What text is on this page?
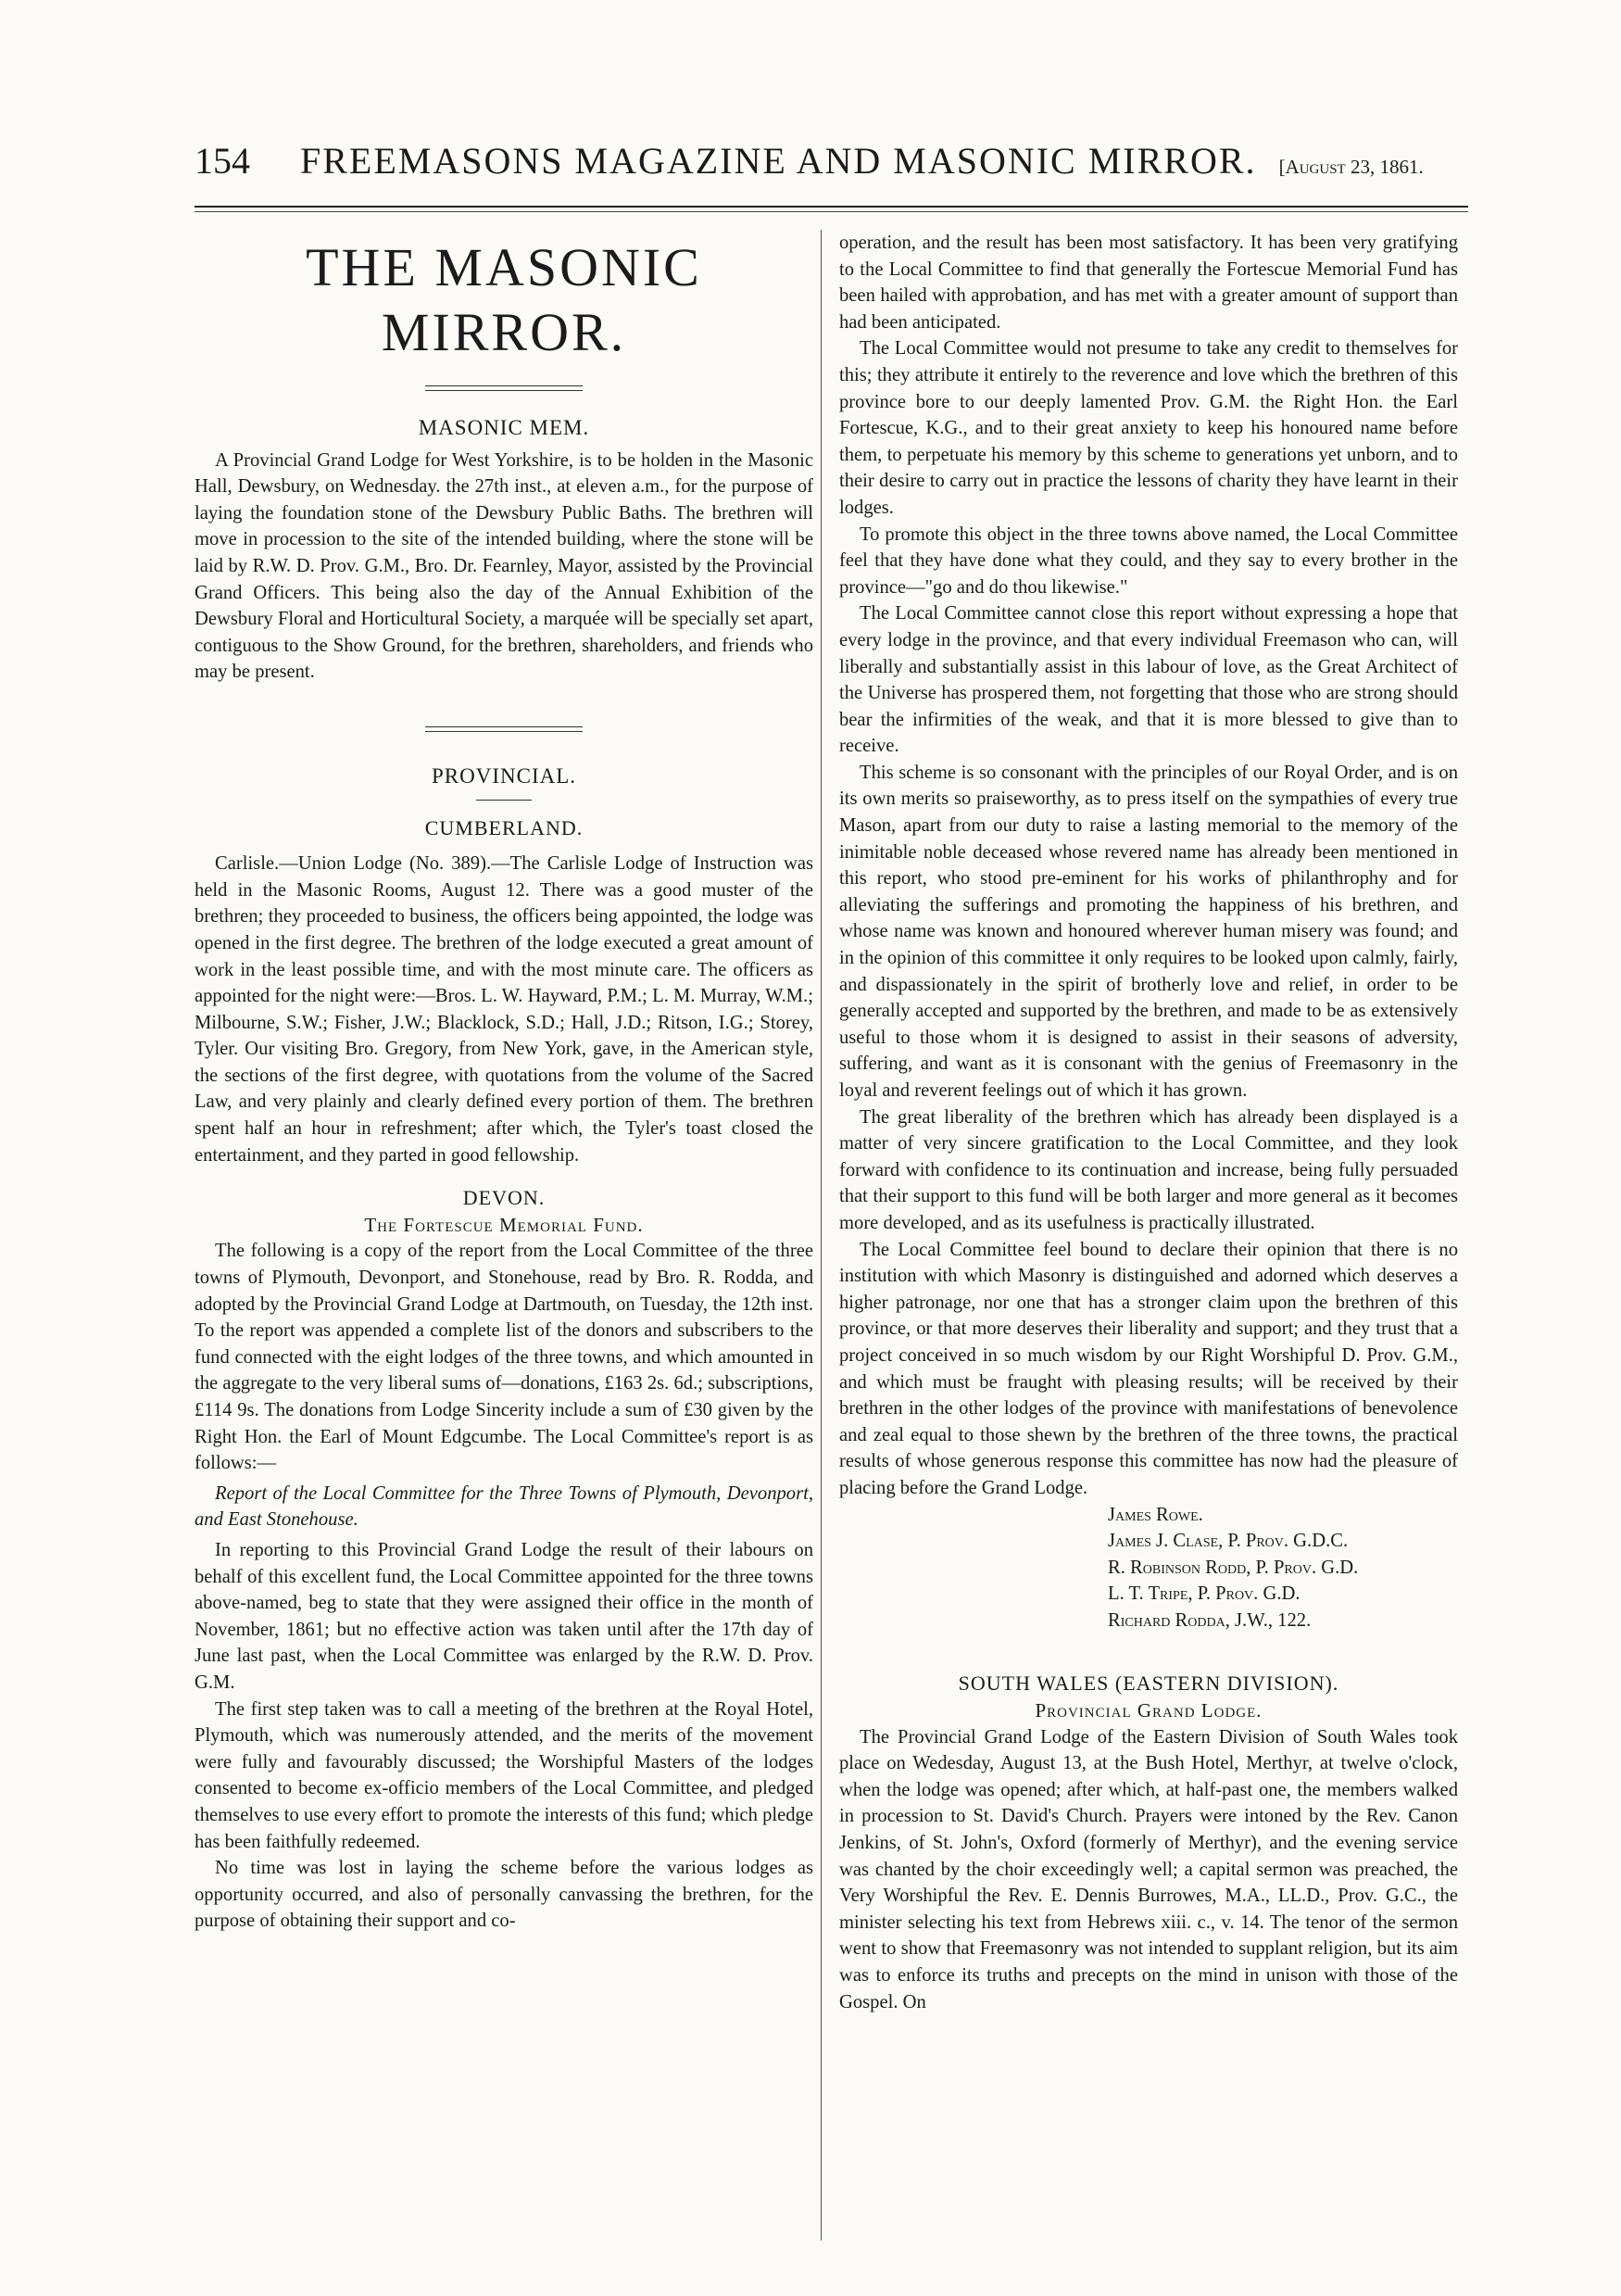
154 FREEMASONS MAGAZINE AND MASONIC MIRROR. [August 23, 1861.
THE MASONIC MIRROR.
MASONIC MEM.

A Provincial Grand Lodge for West Yorkshire, is to be holden in the Masonic Hall, Dewsbury, on Wednesday. the 27th inst., at eleven a.m., for the purpose of laying the foundation stone of the Dewsbury Public Baths. The brethren will move in procession to the site of the intended building, where the stone will be laid by R.W. D. Prov. G.M., Bro. Dr. Fearnley, Mayor, assisted by the Provincial Grand Officers. This being also the day of the Annual Exhibition of the Dewsbury Floral and Horticultural Society, a marquée will be specially set apart, contiguous to the Show Ground, for the brethren, shareholders, and friends who may be present.

PROVINCIAL.
CUMBERLAND.

Carlisle.—Union Lodge (No. 389).—The Carlisle Lodge of Instruction was held in the Masonic Rooms, August 12. There was a good muster of the brethren; they proceeded to business, the officers being appointed, the lodge was opened in the first degree. The brethren of the lodge executed a great amount of work in the least possible time, and with the most minute care. The officers as appointed for the night were:—Bros. L. W. Hayward, P.M.; L. M. Murray, W.M.; Milbourne, S.W.; Fisher, J.W.; Blacklock, S.D.; Hall, J.D.; Ritson, I.G.; Storey, Tyler. Our visiting Bro. Gregory, from New York, gave, in the American style, the sections of the first degree, with quotations from the volume of the Sacred Law, and very plainly and clearly defined every portion of them. The brethren spent half an hour in refreshment; after which, the Tyler's toast closed the entertainment, and they parted in good fellowship.

DEVON.
The Fortescue Memorial Fund.

The following is a copy of the report from the Local Committee of the three towns of Plymouth, Devonport, and Stonehouse, read by Bro. R. Rodda, and adopted by the Provincial Grand Lodge at Dartmouth, on Tuesday, the 12th inst. To the report was appended a complete list of the donors and subscribers to the fund connected with the eight lodges of the three towns, and which amounted in the aggregate to the very liberal sums of—donations, £163 2s. 6d.; subscriptions, £114 9s. The donations from Lodge Sincerity include a sum of £30 given by the Right Hon. the Earl of Mount Edgcumbe. The Local Committee's report is as follows:—

Report of the Local Committee for the Three Towns of Plymouth, Devonport, and East Stonehouse.

In reporting to this Provincial Grand Lodge the result of their labours on behalf of this excellent fund, the Local Committee appointed for the three towns above-named, beg to state that they were assigned their office in the month of November, 1861; but no effective action was taken until after the 17th day of June last past, when the Local Committee was enlarged by the R.W. D. Prov. G.M.

The first step taken was to call a meeting of the brethren at the Royal Hotel, Plymouth, which was numerously attended, and the merits of the movement were fully and favourably discussed; the Worshipful Masters of the lodges consented to become ex-officio members of the Local Committee, and pledged themselves to use every effort to promote the interests of this fund; which pledge has been faithfully redeemed.

No time was lost in laying the scheme before the various lodges as opportunity occurred, and also of personally canvassing the brethren, for the purpose of obtaining their support and co-

operation, and the result has been most satisfactory. It has been very gratifying to the Local Committee to find that generally the Fortescue Memorial Fund has been hailed with approbation, and has met with a greater amount of support than had been anticipated.

The Local Committee would not presume to take any credit to themselves for this; they attribute it entirely to the reverence and love which the brethren of this province bore to our deeply lamented Prov. G.M. the Right Hon. the Earl Fortescue, K.G., and to their great anxiety to keep his honoured name before them, to perpetuate his memory by this scheme to generations yet unborn, and to their desire to carry out in practice the lessons of charity they have learnt in their lodges.

To promote this object in the three towns above named, the Local Committee feel that they have done what they could, and they say to every brother in the province—"go and do thou likewise."

The Local Committee cannot close this report without expressing a hope that every lodge in the province, and that every individual Freemason who can, will liberally and substantially assist in this labour of love, as the Great Architect of the Universe has prospered them, not forgetting that those who are strong should bear the infirmities of the weak, and that it is more blessed to give than to receive.

This scheme is so consonant with the principles of our Royal Order, and is on its own merits so praiseworthy, as to press itself on the sympathies of every true Mason, apart from our duty to raise a lasting memorial to the memory of the inimitable noble deceased whose revered name has already been mentioned in this report, who stood pre-eminent for his works of philanthrophy and for alleviating the sufferings and promoting the happiness of his brethren, and whose name was known and honoured wherever human misery was found; and in the opinion of this committee it only requires to be looked upon calmly, fairly, and dispassionately in the spirit of brotherly love and relief, in order to be generally accepted and supported by the brethren, and made to be as extensively useful to those whom it is designed to assist in their seasons of adversity, suffering, and want as it is consonant with the genius of Freemasonry in the loyal and reverent feelings out of which it has grown.

The great liberality of the brethren which has already been displayed is a matter of very sincere gratification to the Local Committee, and they look forward with confidence to its continuation and increase, being fully persuaded that their support to this fund will be both larger and more general as it becomes more developed, and as its usefulness is practically illustrated.

The Local Committee feel bound to declare their opinion that there is no institution with which Masonry is distinguished and adorned which deserves a higher patronage, nor one that has a stronger claim upon the brethren of this province, or that more deserves their liberality and support; and they trust that a project conceived in so much wisdom by our Right Worshipful D. Prov. G.M., and which must be fraught with pleasing results; will be received by their brethren in the other lodges of the province with manifestations of benevolence and zeal equal to those shewn by the brethren of the three towns, the practical results of whose generous response this committee has now had the pleasure of placing before the Grand Lodge.

James Rowe.

James J. Clase, P. Prov. G.D.C.

R. Robinson Rodd, P. Prov. G.D.

L. T. Tripe, P. Prov. G.D.

Richard Rodda, J.W., 122.

SOUTH WALES (EASTERN DIVISION).
Provincial Grand Lodge.

The Provincial Grand Lodge of the Eastern Division of South Wales took place on Wedesday, August 13, at the Bush Hotel, Merthyr, at twelve o'clock, when the lodge was opened; after which, at half-past one, the members walked in procession to St. David's Church. Prayers were intoned by the Rev. Canon Jenkins, of St. John's, Oxford (formerly of Merthyr), and the evening service was chanted by the choir exceedingly well; a capital sermon was preached, the Very Worshipful the Rev. E. Dennis Burrowes, M.A., LL.D., Prov. G.C., the minister selecting his text from Hebrews xiii. c., v. 14. The tenor of the sermon went to show that Freemasonry was not intended to supplant religion, but its aim was to enforce its truths and precepts on the mind in unison with those of the Gospel. On
